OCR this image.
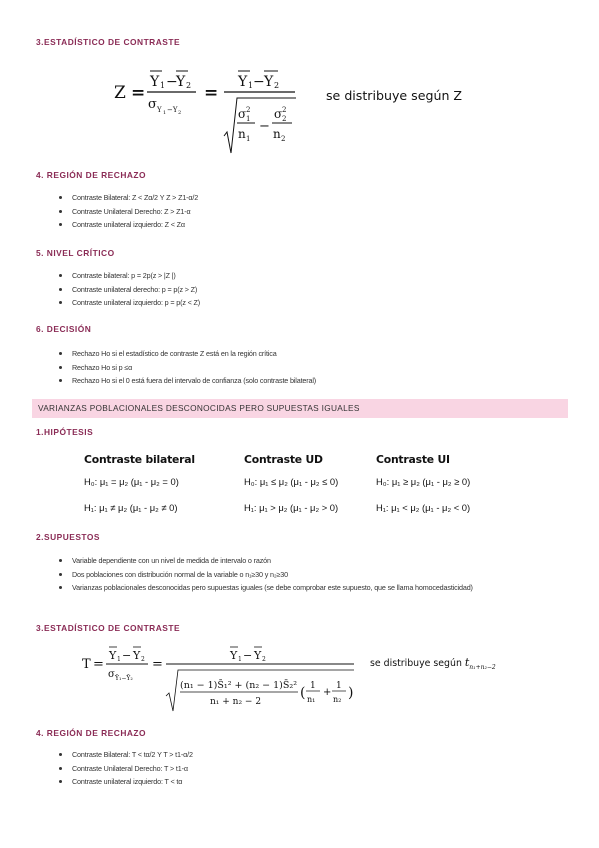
3.ESTADÍSTICO DE CONTRASTE
Z =
Y 1 −
Y 2
σ Y 1 −Y 2
=
Y 1 − Y 2
σ 2
1
n 1
−
σ 2
2
n 2
se distribuye según Z
4. REGIÓN DE RECHAZO
Contraste Bilateral: Z < Zα/2 Y Z > Z1-α/2
Contraste Unilateral Derecho: Z > Z1-α
Contraste unilateral izquierdo: Z < Zα
5. NIVEL CRÍTICO
Contraste bilateral: p = 2p(z > |Z |)
Contraste unilateral derecho: p = p(z > Z)
Contraste unilateral izquierdo: p = p(z < Z)
6. DECISIÓN
Rechazo Ho si el estadístico de contraste Z está en la región crítica
Rechazo Ho si p ≤α
Rechazo Ho si el 0 está fuera del intervalo de confianza (solo contraste bilateral)
VARIANZAS POBLACIONALES DESCONOCIDAS PERO SUPUESTAS IGUALES
1.HIPÓTESIS
Contraste bilateral	Contraste UD	Contraste UI
H₀: μ₁ = μ₂ (μ₁ - μ₂ = 0)	H₀: μ₁ ≤ μ₂ (μ₁ - μ₂ ≤ 0)	H₀: μ₁ ≥ μ₂ (μ₁ - μ₂ ≥ 0)
H₁: μ₁ ≠ μ₂ (μ₁ - μ₂ ≠ 0)	H₁: μ₁ > μ₂ (μ₁ - μ₂ > 0)	H₁: μ₁ < μ₂ (μ₁ - μ₂ < 0)
2.SUPUESTOS
Variable dependiente con un nivel de medida de intervalo o razón
Dos poblaciones con distribución normal de la variable o n₁≥30 y n₂≥30
Varianzas poblacionales desconocidas pero supuestas iguales (se debe comprobar este supuesto, que se llama homocedasticidad)
3.ESTADÍSTICO DE CONTRASTE
T =
Y 1 − Y 2
σ Ȳ₁−Ȳ₂
=
Y 1 − Y 2
(n₁ − 1)S̄₁² + (n₂ − 1)S̄₂²
n₁ + n₂ − 2
( 1
n₁
+
1
n₂ )
se distribuye según $t_{n_1+n_2-2}$
4. REGIÓN DE RECHAZO
Contraste Bilateral: T < tα/2 Y T > t1-α/2
Contraste Unilateral Derecho: T > t1-α
Contraste unilateral izquierdo: T < tα
